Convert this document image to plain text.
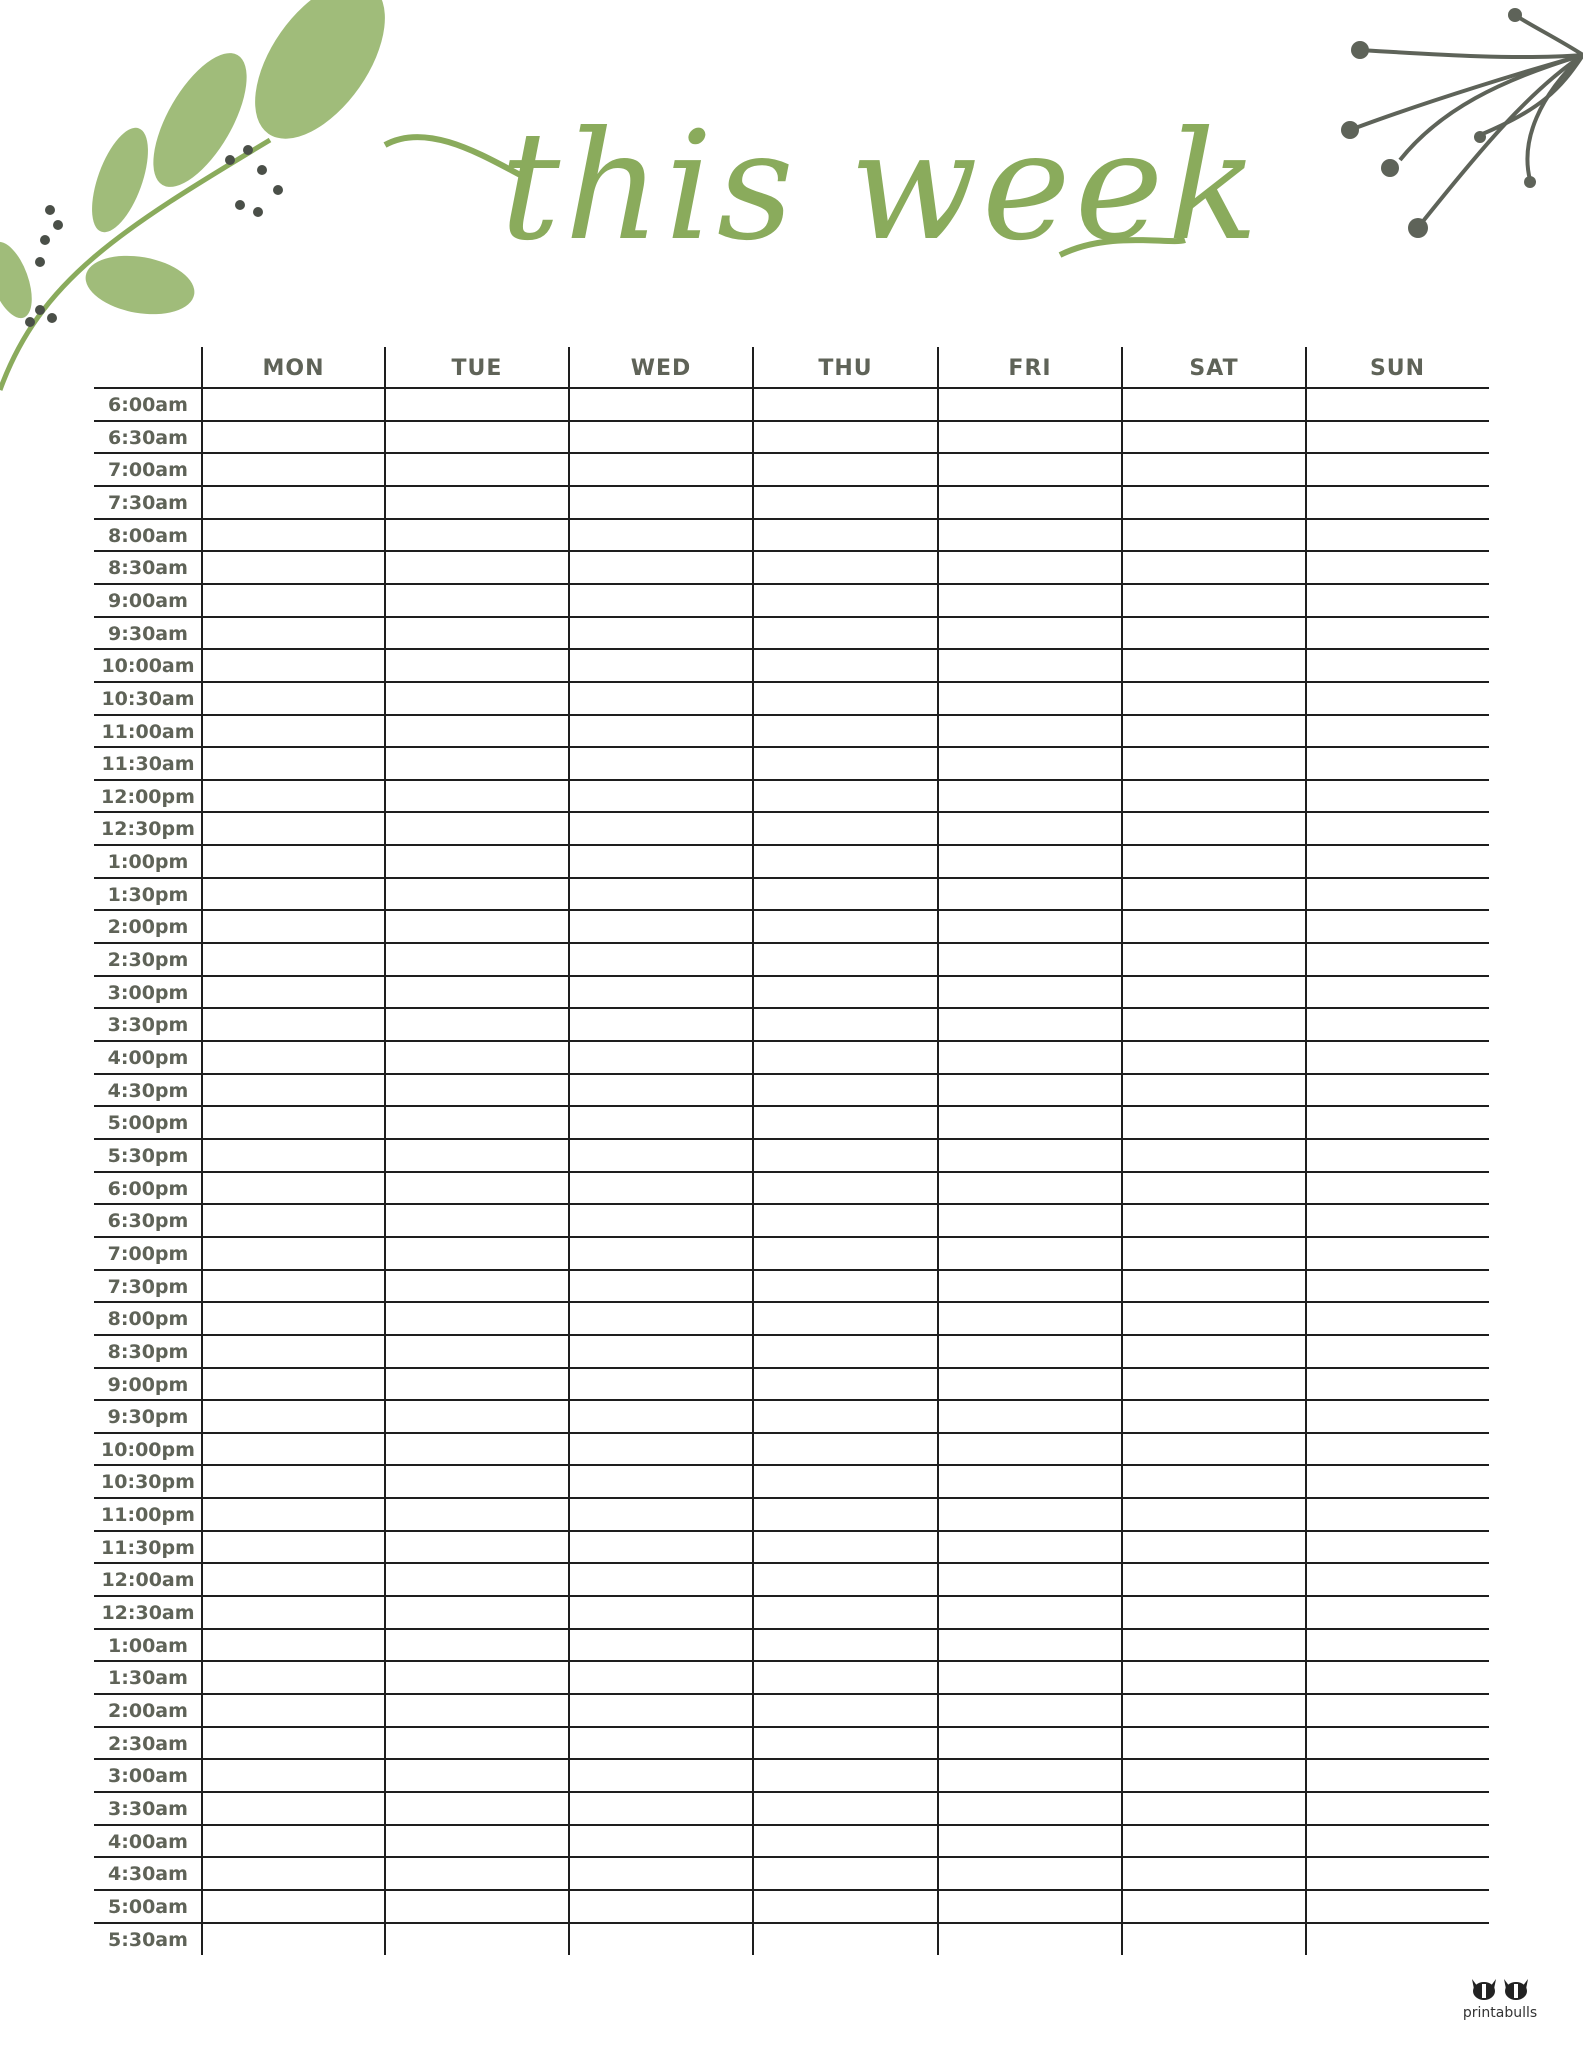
this week
MON	TUE	WED	THU	FRI	SAT	SUN
6:00am
6:30am
7:00am
7:30am
8:00am
8:30am
9:00am
9:30am
10:00am
10:30am
11:00am
11:30am
12:00pm
12:30pm
1:00pm
1:30pm
2:00pm
2:30pm
3:00pm
3:30pm
4:00pm
4:30pm
5:00pm
5:30pm
6:00pm
6:30pm
7:00pm
7:30pm
8:00pm
8:30pm
9:00pm
9:30pm
10:00pm
10:30pm
11:00pm
11:30pm
12:00am
12:30am
1:00am
1:30am
2:00am
2:30am
3:00am
3:30am
4:00am
4:30am
5:00am
5:30am
printabulls
